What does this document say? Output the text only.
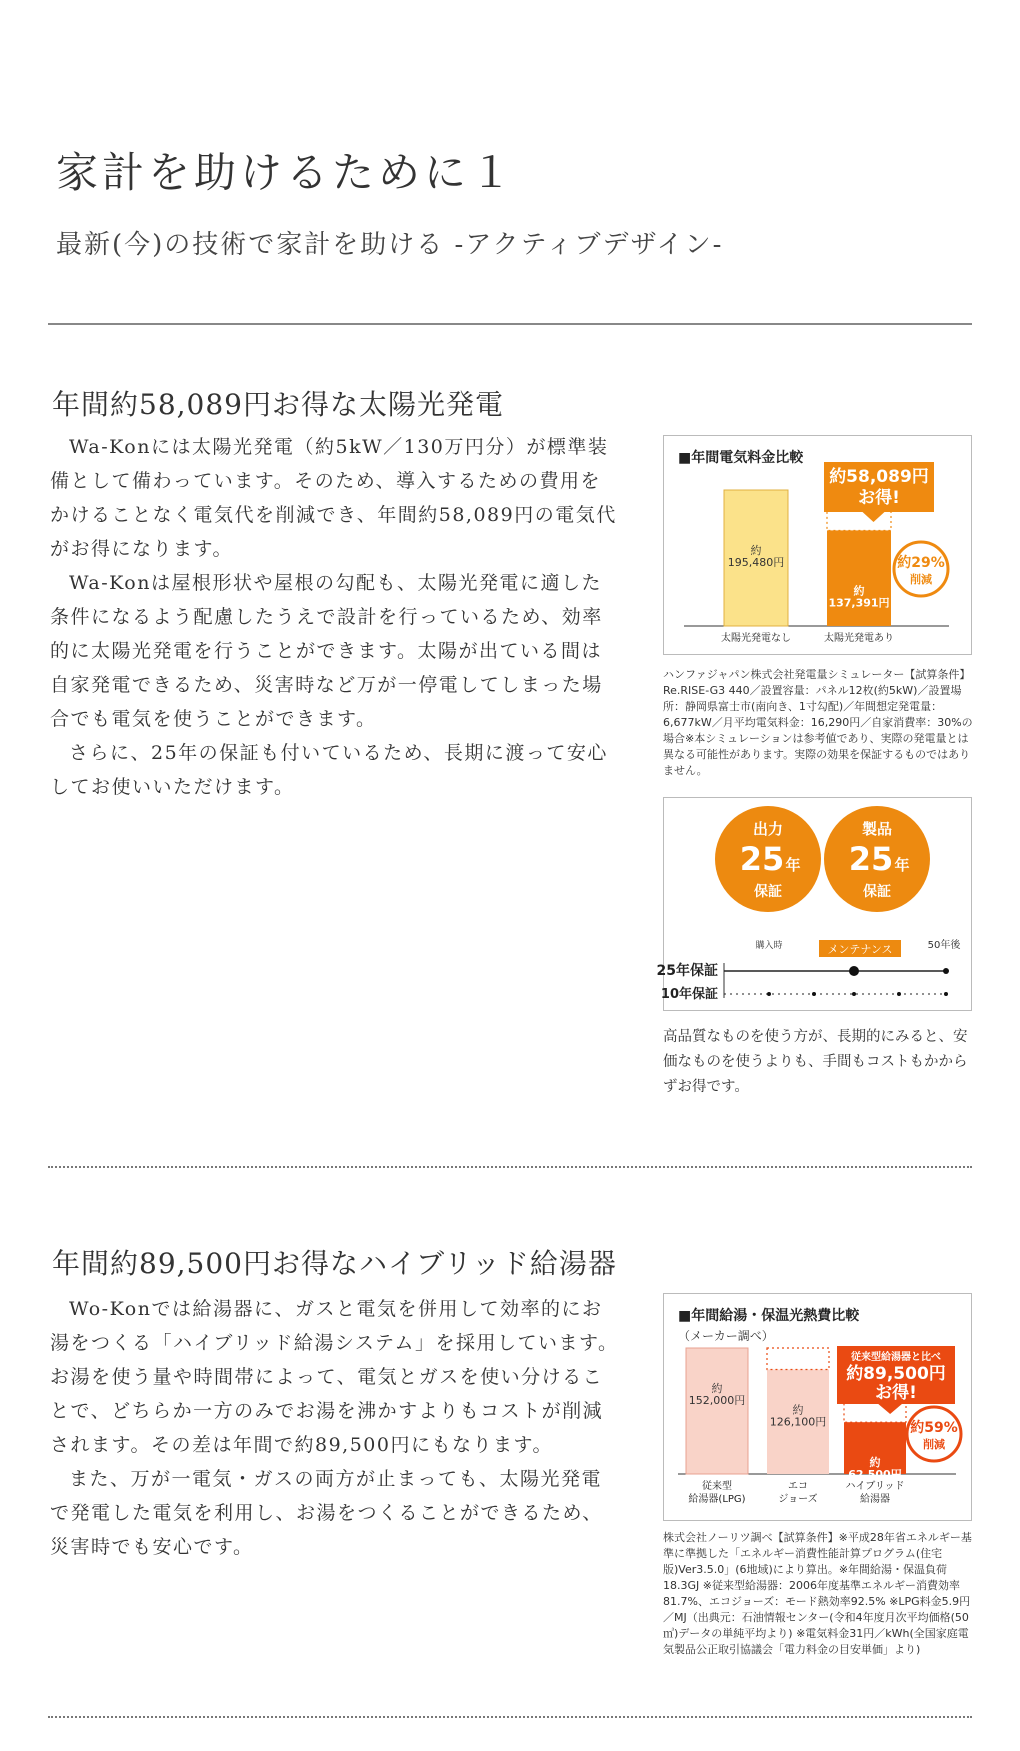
家計を助けるために１
最新(今)の技術で家計を助ける -アクティブデザイン-
年間約58,089円お得な太陽光発電

Wa-Konには太陽光発電（約5kW／130万円分）が標準装備として備わっています。そのため、導入するための費用をかけることなく電気代を削減でき、年間約58,089円の電気代がお得になります。

Wa-Konは屋根形状や屋根の勾配も、太陽光発電に適した条件になるよう配慮したうえで設計を行っているため、効率的に太陽光発電を行うことができます。太陽が出ている間は自家発電できるため、災害時など万が一停電してしまった場合でも電気を使うことができます。

さらに、25年の保証も付いているため、長期に渡って安心してお使いいただけます。

■年間電気料金比較
約
195,480円
太陽光発電なし
約
137,391円
太陽光発電あり
約58,089円
お得!
約29%
削減
ハンファジャパン株式会社発電量シミュレーター【試算条件】Re.RISE-G3 440／設置容量：パネル12枚(約5kW)／設置場所：静岡県富士市(南向き、1寸勾配)／年間想定発電量：6,677kW／月平均電気料金：16,290円／自家消費率：30%の場合※本シミュレーションは参考値であり、実際の発電量とは異なる可能性があります。実際の効果を保証するものではありません。
出力
25 年
保証
製品
25 年
保証
購入時	メンテナンス	50年後
25年保証
10年保証
高品質なものを使う方が、長期的にみると、安価なものを使うよりも、手間もコストもかからずお得です。
年間約89,500円お得なハイブリッド給湯器

Wo-Konでは給湯器に、ガスと電気を併用して効率的にお湯をつくる「ハイブリッド給湯システム」を採用しています。お湯を使う量や時間帯によって、電気とガスを使い分けることで、どちらか一方のみでお湯を沸かすよりもコストが削減されます。その差は年間で約89,500円にもなります。

また、万が一電気・ガスの両方が止まっても、太陽光発電で発電した電気を利用し、お湯をつくることができるため、災害時でも安心です。

■年間給湯・保温光熱費比較
（メーカー調べ）
約
152,000円
従来型
給湯器(LPG)
約
126,100円
エコ
ジョーズ
約
62,500円
ハイブリッド
給湯器
従来型給湯器と比べ
約89,500円
お得!
約59%
削減
株式会社ノーリツ調べ【試算条件】※平成28年省エネルギー基準に準拠した「エネルギー消費性能計算プログラム(住宅版)Ver3.5.0」(6地域)により算出。※年間給湯・保温負荷18.3GJ ※従来型給湯器：2006年度基準エネルギー消費効率81.7%、エコジョーズ：モード熱効率92.5% ※LPG料金5.9円／MJ（出典元：石油情報センター(令和4年度月次平均価格(50㎥)データの単純平均より) ※電気料金31円／kWh(全国家庭電気製品公正取引協議会「電力料金の目安単価」より)
